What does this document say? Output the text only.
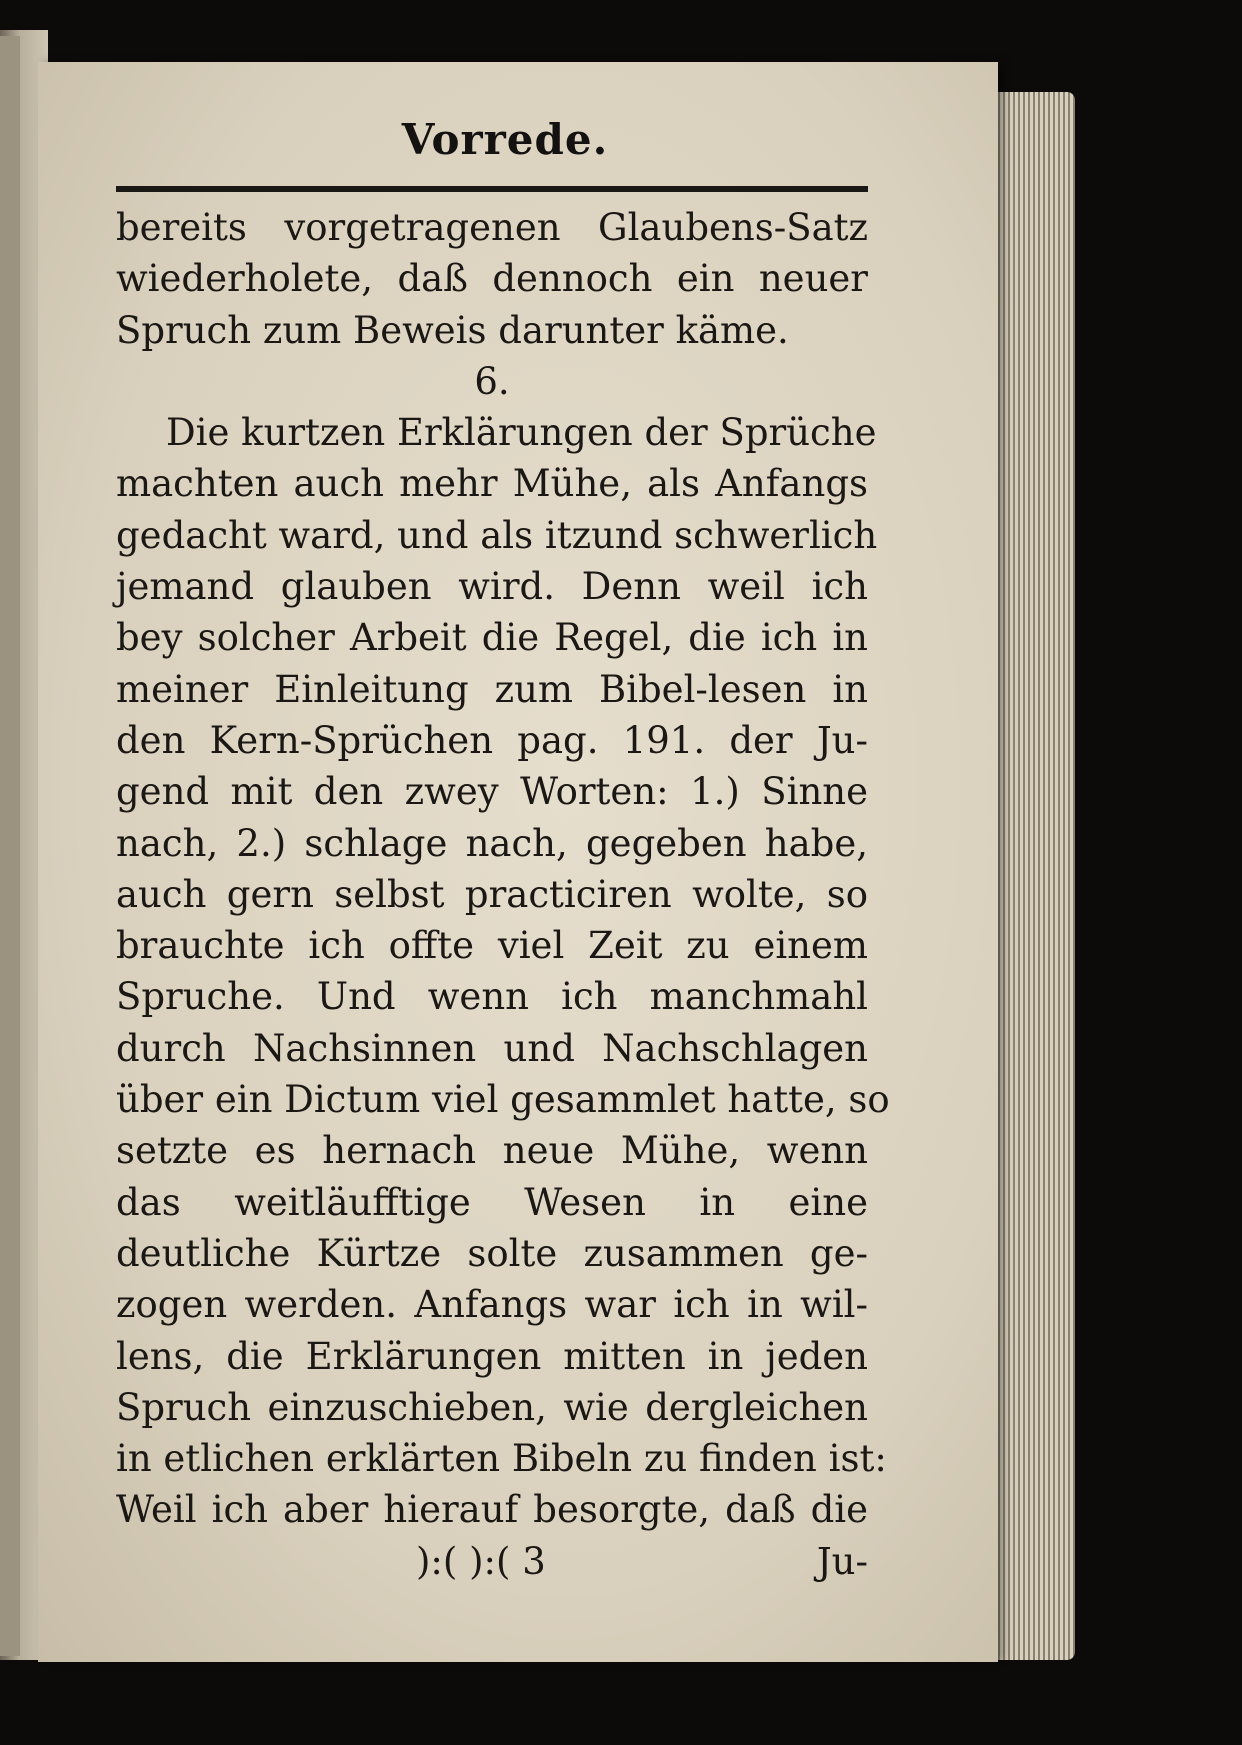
Vorrede.
bereits vorgetragenen Glaubens-Satz
wiederholete, daß dennoch ein neuer
Spruch zum Beweis darunter käme.
6.
Die kurtzen Erklärungen der Sprüche
machten auch mehr Mühe, als Anfangs
gedacht ward, und als itzund schwerlich
jemand glauben wird. Denn weil ich
bey solcher Arbeit die Regel, die ich in
meiner Einleitung zum Bibel-lesen in
den Kern-Sprüchen pag. 191. der Ju-
gend mit den zwey Worten: 1.) Sinne
nach, 2.) schlage nach, gegeben habe,
auch gern selbst practiciren wolte, so
brauchte ich offte viel Zeit zu einem
Spruche. Und wenn ich manchmahl
durch Nachsinnen und Nachschlagen
über ein Dictum viel gesammlet hatte, so
setzte es hernach neue Mühe, wenn
das weitläufftige Wesen in eine
deutliche Kürtze solte zusammen ge-
zogen werden. Anfangs war ich in wil-
lens, die Erklärungen mitten in jeden
Spruch einzuschieben, wie dergleichen
in etlichen erklärten Bibeln zu finden ist:
Weil ich aber hierauf besorgte, daß die
):( ):( 3	Ju-
